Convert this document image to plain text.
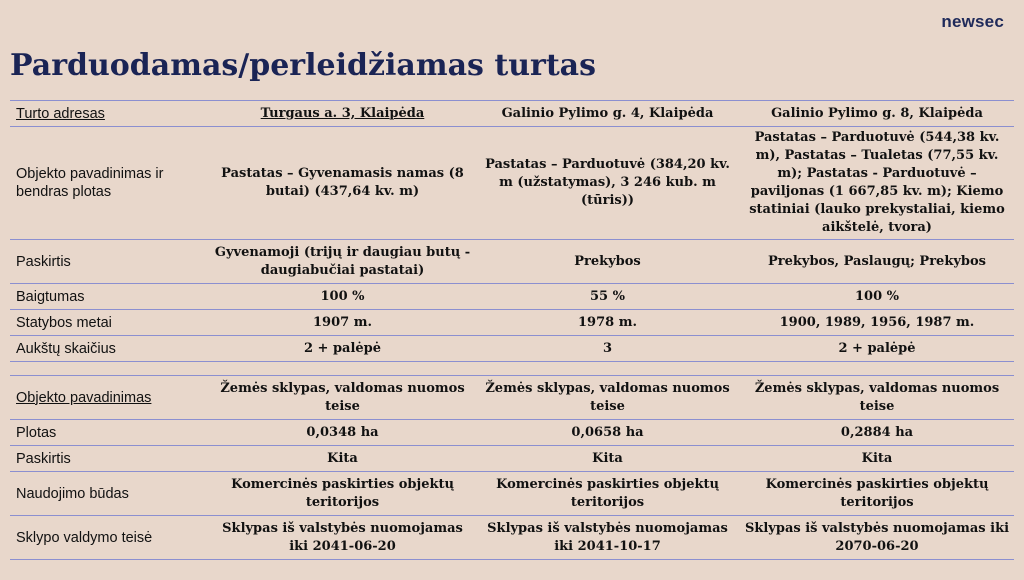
newsec
Parduodamas/perleidžiamas turtas
Turto adresas	Turgaus a. 3, Klaipėda	Galinio Pylimo g. 4, Klaipėda	Galinio Pylimo g. 8, Klaipėda
Objekto pavadinimas ir bendras plotas	Pastatas – Gyvenamasis namas (8 butai) (437,64 kv. m)	Pastatas – Parduotuvė (384,20 kv. m (užstatymas), 3 246 kub. m (tūris))	Pastatas – Parduotuvė (544,38 kv. m), Pastatas – Tualetas (77,55 kv. m); Pastatas - Parduotuvė – paviljonas (1 667,85 kv. m); Kiemo statiniai (lauko prekystaliai, kiemo aikštelė, tvora)
Paskirtis	Gyvenamoji (trijų ir daugiau butų - daugiabučiai pastatai)	Prekybos	Prekybos, Paslaugų; Prekybos
Baigtumas	100 %	55 %	100 %
Statybos metai	1907 m.	1978 m.	1900, 1989, 1956, 1987 m.
Aukštų skaičius	2 + palėpė	3	2 + palėpė
Objekto pavadinimas	Žemės sklypas, valdomas nuomos teise	Žemės sklypas, valdomas nuomos teise	Žemės sklypas, valdomas nuomos teise
Plotas	0,0348 ha	0,0658 ha	0,2884 ha
Paskirtis	Kita	Kita	Kita
Naudojimo būdas	Komercinės paskirties objektų teritorijos	Komercinės paskirties objektų teritorijos	Komercinės paskirties objektų teritorijos
Sklypo valdymo teisė	Sklypas iš valstybės nuomojamas iki 2041-06-20	Sklypas iš valstybės nuomojamas iki 2041-10-17	Sklypas iš valstybės nuomojamas iki 2070-06-20
